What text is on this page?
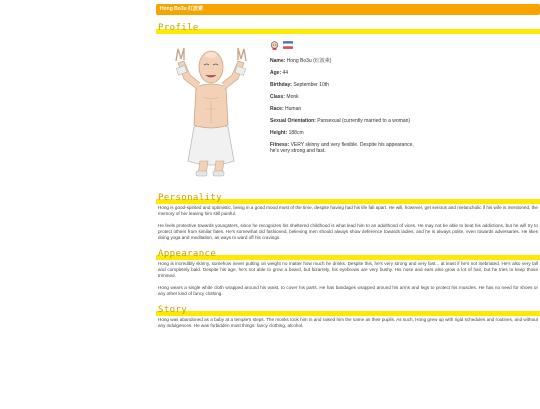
Hong Bo3u 红波素
Profile

Name: Hong Bo3u (红波素)

Age: 44

Birthday: September 10th

Class: Monk

Race: Human

Sexual Orientation: Pansexual (currently married to a woman)

Height: 188cm

Fitness: VERY skinny and very flexible. Despite his appearance, he's very strong and fast.

Personality

Hong is good-spirited and optimistic, being in a good mood most of the time, despite having had his life fall apart. He will, however, get serious and melancholic if his wife is mentioned, the memory of her leaving him still painful.

He feels protective towards youngsters, since he recognizes his sheltered childhood is what lead him to an adulthood of vices. He may not be able to beat his addictions, but he will try to protect others from similar fates. He's somewhat old fashioned, believing men should always show deference towards ladies, and he is always polite, even towards adversaries. He likes doing yoga and meditation, as ways to ward off his cravings.

Appearance

Hong is incredibly skinny, somehow never putting on weight no matter how much he drinks. Despite this, he's very strong and very fast... at least if he's not inebriated. He's also very tall and completely bald. Despite his age, he's not able to grow a beard, but bizarrely, his eyebrows are very bushy. His nose and ears also grow a lot of hair, but he tries to keep those trimmed.

Hong wears a single white cloth wrapped around his waist, to cover his parts. He has bandages wrapped around his arms and legs to protect his muscles. He has no need for shoes or any other kind of fancy clothing.

Story

Hong was abandoned as a baby at a temple's steps. The monks took him in and raised him the same as their pupils. As such, Hong grew up with rigid schedules and routines, and without any indulgences. He was forbidden most things: fancy clothing, alcohol,
